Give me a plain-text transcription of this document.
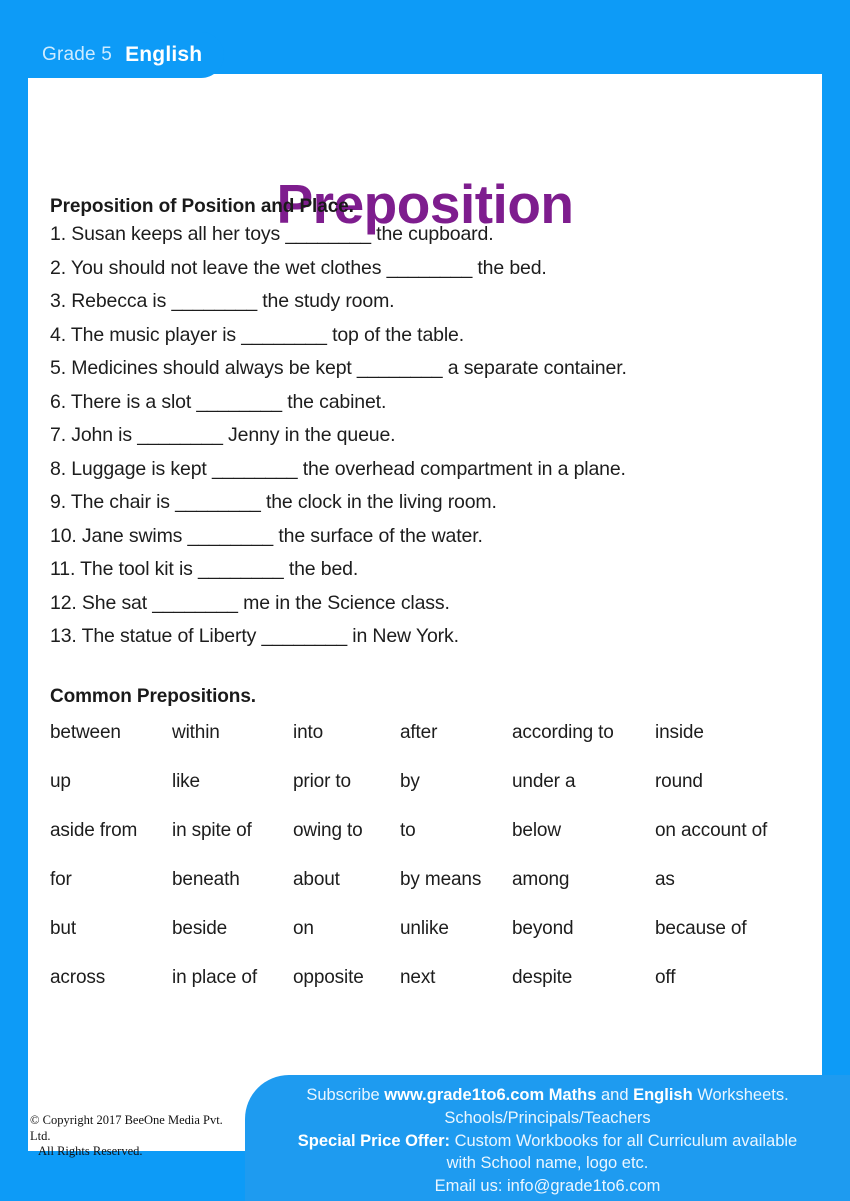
Preposition
Preposition of Position and Place.
1. Susan keeps all her toys ________ the cupboard.
2. You should not leave the wet clothes ________ the bed.
3. Rebecca is ________ the study room.
4. The music player is ________ top of the table.
5. Medicines should always be kept ________ a separate container.
6. There is a slot ________ the cabinet.
7. John is ________ Jenny in the queue.
8. Luggage is kept ________ the overhead compartment in a plane.
9. The chair is ________ the clock in the living room.
10. Jane swims ________ the surface of the water.
11. The tool kit is ________ the bed.
12. She sat ________ me in the Science class.
13. The statue of Liberty ________ in New York.
Common Prepositions.
between	within	into	after	according to	inside
up	like	prior to	by	under a	round
aside from	in spite of	owing to	to	below	on account of
for	beneath	about	by means	among	as
but	beside	on	unlike	beyond	because of
across	in place of	opposite	next	despite	off
Grade 5 English
© Copyright 2017 BeeOne Media Pvt. Ltd.
All Rights Reserved.
Subscribe www.grade1to6.com Maths and English Worksheets.
Schools/Principals/Teachers
Special Price Offer: Custom Workbooks for all Curriculum available
with School name, logo etc.
Email us: info@grade1to6.com
